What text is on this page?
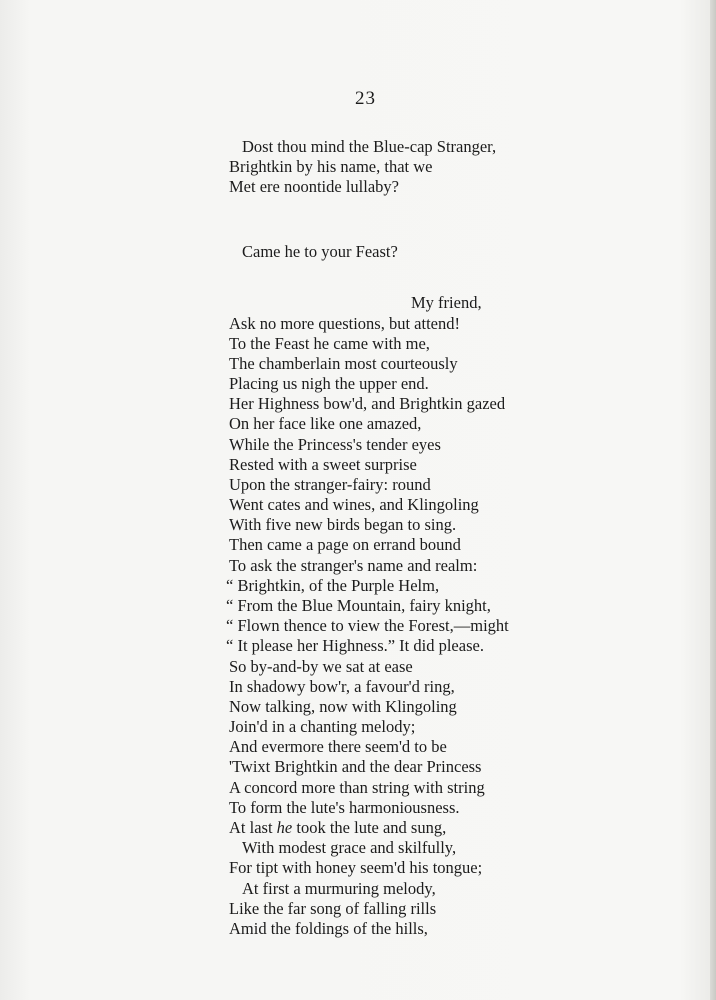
23
Dost thou mind the Blue-cap Stranger,
Brightkin by his name, that we
Met ere noontide lullaby?
Came he to your Feast?
My friend,
Ask no more questions, but attend!
To the Feast he came with me,
The chamberlain most courteously
Placing us nigh the upper end.
Her Highness bow'd, and Brightkin gazed
On her face like one amazed,
While the Princess's tender eyes
Rested with a sweet surprise
Upon the stranger-fairy: round
Went cates and wines, and Klingoling
With five new birds began to sing.
Then came a page on errand bound
To ask the stranger's name and realm:
“ Brightkin, of the Purple Helm,
“ From the Blue Mountain, fairy knight,
“ Flown thence to view the Forest,—might
“ It please her Highness.” It did please.
So by-and-by we sat at ease
In shadowy bow'r, a favour'd ring,
Now talking, now with Klingoling
Join'd in a chanting melody;
And evermore there seem'd to be
'Twixt Brightkin and the dear Princess
A concord more than string with string
To form the lute's harmoniousness.
At last he took the lute and sung,
With modest grace and skilfully,
For tipt with honey seem'd his tongue;
At first a murmuring melody,
Like the far song of falling rills
Amid the foldings of the hills,
